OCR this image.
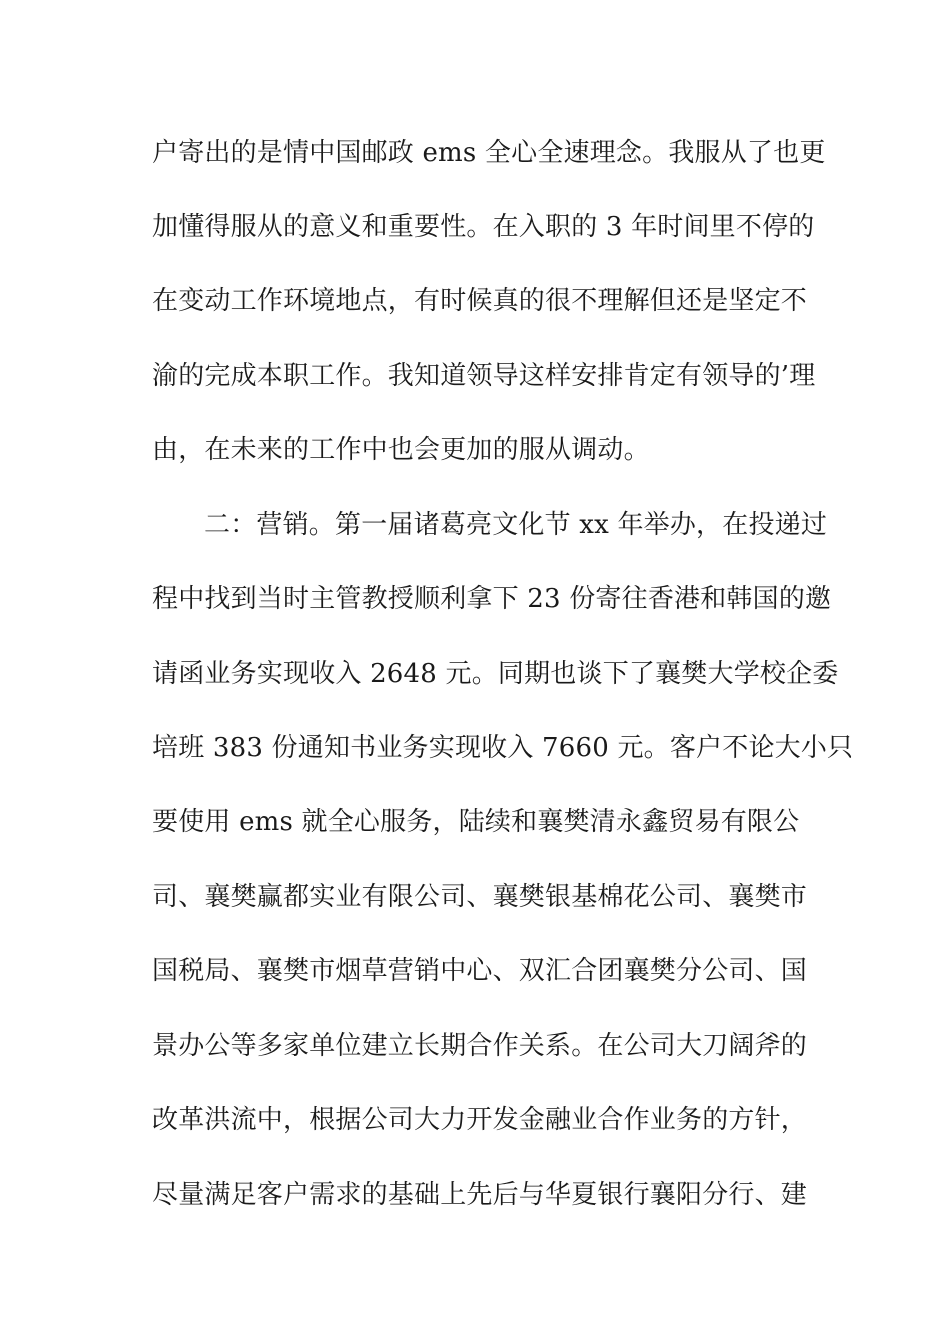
户寄出的是情中国邮政 ems 全心全速理念。我服从了也更
加懂得服从的意义和重要性。在入职的 3 年时间里不停的
在变动工作环境地点，有时候真的很不理解但还是坚定不
渝的完成本职工作。我知道领导这样安排肯定有领导的’理
由，在未来的工作中也会更加的服从调动。
二：营销。第一届诸葛亮文化节 xx 年举办，在投递过
程中找到当时主管教授顺利拿下 23 份寄往香港和韩国的邀
请函业务实现收入 2648 元。同期也谈下了襄樊大学校企委
培班 383 份通知书业务实现收入 7660 元。客户不论大小只
要使用 ems 就全心服务，陆续和襄樊清永鑫贸易有限公
司、襄樊赢都实业有限公司、襄樊银基棉花公司、襄樊市
国税局、襄樊市烟草营销中心、双汇合团襄樊分公司、国
景办公等多家单位建立长期合作关系。在公司大刀阔斧的
改革洪流中，根据公司大力开发金融业合作业务的方针，
尽量满足客户需求的基础上先后与华夏银行襄阳分行、建
